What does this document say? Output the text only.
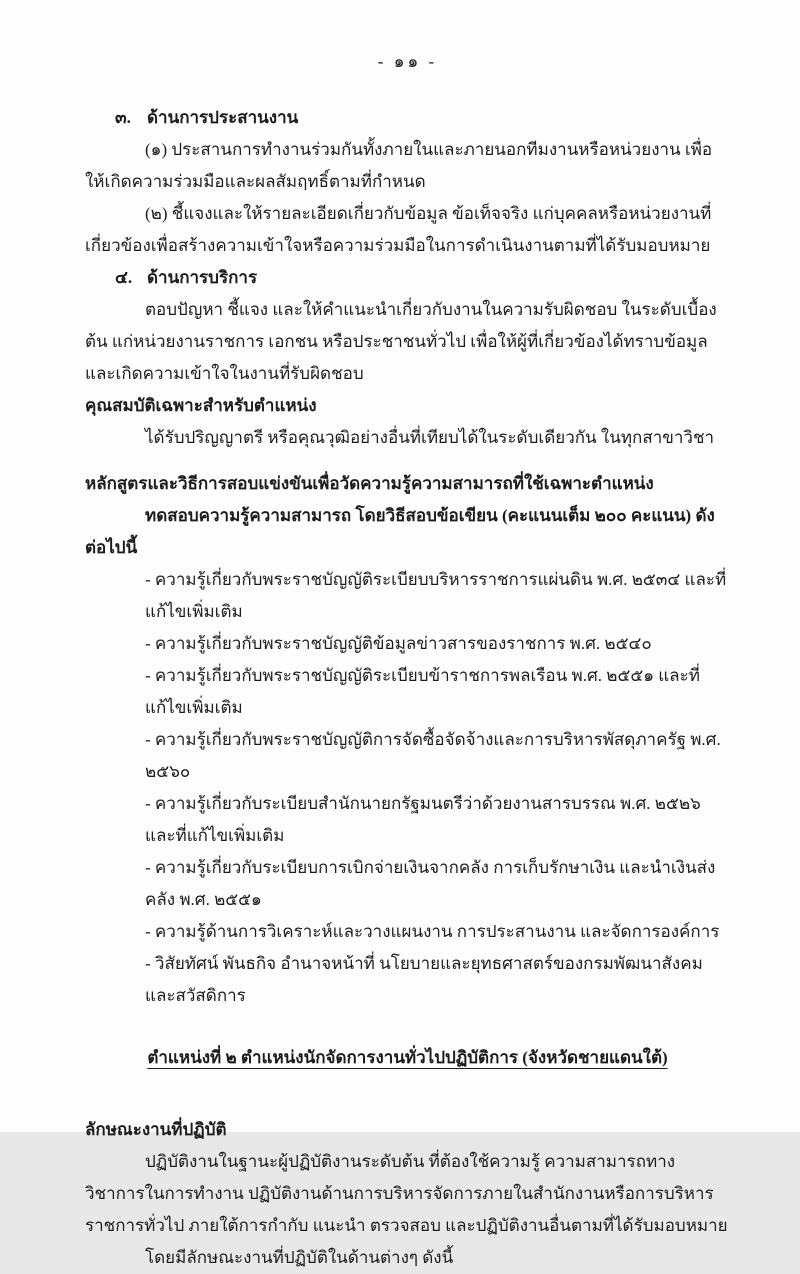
- ๑๑ -
๓. ด้านการประสานงาน

(๑) ประสานการทำงานร่วมกันทั้งภายในและภายนอกทีมงานหรือหน่วยงาน เพื่อให้เกิดความร่วมมือและผลสัมฤทธิ์ตามที่กำหนด

(๒) ชี้แจงและให้รายละเอียดเกี่ยวกับข้อมูล ข้อเท็จจริง แก่บุคคลหรือหน่วยงานที่เกี่ยวข้องเพื่อสร้างความเข้าใจหรือความร่วมมือในการดำเนินงานตามที่ได้รับมอบหมาย

๔. ด้านการบริการ

ตอบปัญหา ชี้แจง และให้คำแนะนำเกี่ยวกับงานในความรับผิดชอบ ในระดับเบื้องต้น แก่หน่วยงานราชการ เอกชน หรือประชาชนทั่วไป เพื่อให้ผู้ที่เกี่ยวข้องได้ทราบข้อมูลและเกิดความเข้าใจในงานที่รับผิดชอบ

คุณสมบัติเฉพาะสำหรับตำแหน่ง

ได้รับปริญญาตรี หรือคุณวุฒิอย่างอื่นที่เทียบได้ในระดับเดียวกัน ในทุกสาขาวิชา

หลักสูตรและวิธีการสอบแข่งขันเพื่อวัดความรู้ความสามารถที่ใช้เฉพาะตำแหน่ง

ทดสอบความรู้ความสามารถ โดยวิธีสอบข้อเขียน (คะแนนเต็ม ๒๐๐ คะแนน) ดังต่อไปนี้

- ความรู้เกี่ยวกับพระราชบัญญัติระเบียบบริหารราชการแผ่นดิน พ.ศ. ๒๕๓๔ และที่แก้ไขเพิ่มเติม

- ความรู้เกี่ยวกับพระราชบัญญัติข้อมูลข่าวสารของราชการ พ.ศ. ๒๕๔๐

- ความรู้เกี่ยวกับพระราชบัญญัติระเบียบข้าราชการพลเรือน พ.ศ. ๒๕๕๑ และที่แก้ไขเพิ่มเติม

- ความรู้เกี่ยวกับพระราชบัญญัติการจัดซื้อจัดจ้างและการบริหารพัสดุภาครัฐ พ.ศ. ๒๕๖๐

- ความรู้เกี่ยวกับระเบียบสำนักนายกรัฐมนตรีว่าด้วยงานสารบรรณ พ.ศ. ๒๕๒๖ และที่แก้ไขเพิ่มเติม

- ความรู้เกี่ยวกับระเบียบการเบิกจ่ายเงินจากคลัง การเก็บรักษาเงิน และนำเงินส่งคลัง พ.ศ. ๒๕๕๑

- ความรู้ด้านการวิเคราะห์และวางแผนงาน การประสานงาน และจัดการองค์การ

- วิสัยทัศน์ พันธกิจ อำนาจหน้าที่ นโยบายและยุทธศาสตร์ของกรมพัฒนาสังคมและสวัสดิการ

ตำแหน่งที่ ๒ ตำแหน่งนักจัดการงานทั่วไปปฏิบัติการ (จังหวัดชายแดนใต้)
ลักษณะงานที่ปฏิบัติ

ปฏิบัติงานในฐานะผู้ปฏิบัติงานระดับต้น ที่ต้องใช้ความรู้ ความสามารถทางวิชาการในการทำงาน ปฏิบัติงานด้านการบริหารจัดการภายในสำนักงานหรือการบริหารราชการทั่วไป ภายใต้การกำกับ แนะนำ ตรวจสอบ และปฏิบัติงานอื่นตามที่ได้รับมอบหมาย

โดยมีลักษณะงานที่ปฏิบัติในด้านต่างๆ ดังนี้
